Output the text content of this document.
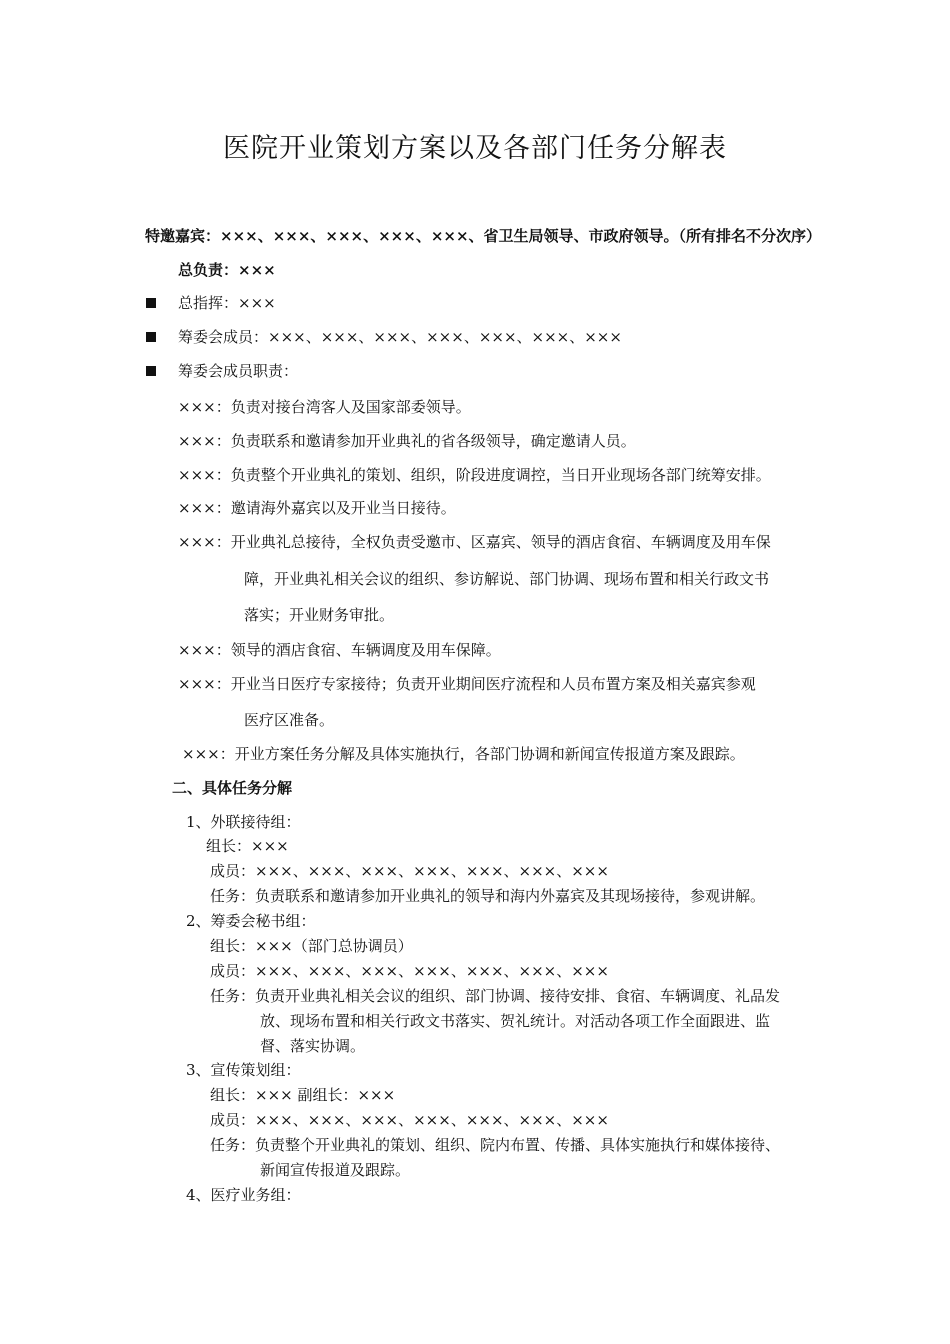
医院开业策划方案以及各部门任务分解表
特邀嘉宾：×××、×××、×××、×××、×××、省卫生局领导、市政府领导。（所有排名不分次序）
总负责：×××
总指挥：×××
筹委会成员：×××、×××、×××、×××、×××、×××、×××
筹委会成员职责：
×××：负责对接台湾客人及国家部委领导。
×××：负责联系和邀请参加开业典礼的省各级领导，确定邀请人员。
×××：负责整个开业典礼的策划、组织，阶段进度调控，当日开业现场各部门统筹安排。
×××：邀请海外嘉宾以及开业当日接待。
×××：开业典礼总接待，全权负责受邀市、区嘉宾、领导的酒店食宿、车辆调度及用车保
障，开业典礼相关会议的组织、参访解说、部门协调、现场布置和相关行政文书
落实；开业财务审批。
×××：领导的酒店食宿、车辆调度及用车保障。
×××：开业当日医疗专家接待；负责开业期间医疗流程和人员布置方案及相关嘉宾参观
医疗区准备。
×××：开业方案任务分解及具体实施执行，各部门协调和新闻宣传报道方案及跟踪。
二、具体任务分解
1、外联接待组：
组长：×××
成员：×××、×××、×××、×××、×××、×××、×××
任务：负责联系和邀请参加开业典礼的领导和海内外嘉宾及其现场接待，参观讲解。
2、筹委会秘书组：
组长：×××（部门总协调员）
成员：×××、×××、×××、×××、×××、×××、×××
任务：负责开业典礼相关会议的组织、部门协调、接待安排、食宿、车辆调度、礼品发
放、现场布置和相关行政文书落实、贺礼统计。对活动各项工作全面跟进、监
督、落实协调。
3、宣传策划组：
组长：××× 副组长：×××
成员：×××、×××、×××、×××、×××、×××、×××
任务：负责整个开业典礼的策划、组织、院内布置、传播、具体实施执行和媒体接待、
新闻宣传报道及跟踪。
4、医疗业务组：
